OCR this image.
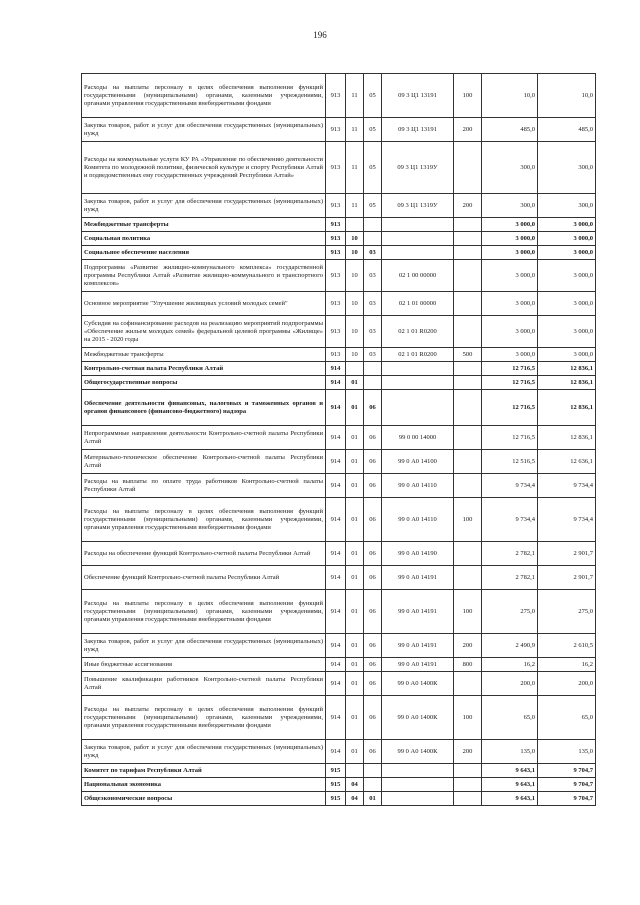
196
Расходы на выплаты персоналу в целях обеспечения выполнения функций государственными (муниципальными) органами, казенными учреждениями, органами управления государственными внебюджетными фондами	913	11	05	09 3 Ц1 13191	100	10,0	10,0
Закупка товаров, работ и услуг для обеспечения государственных (муниципальных) нужд	913	11	05	09 3 Ц1 13191	200	485,0	485,0
Расходы на коммунальные услуги КУ РА «Управление по обеспечению деятельности Комитета по молодежной политике, физической культуре и спорту Республики Алтай и подведомственных ему государственных учреждений Республики Алтай»	913	11	05	09 3 Ц1 1319У		300,0	300,0
Закупка товаров, работ и услуг для обеспечения государственных (муниципальных) нужд	913	11	05	09 3 Ц1 1319У	200	300,0	300,0
Межбюджетные трансферты	913					3 000,0	3 000,0
Социальная политика	913	10				3 000,0	3 000,0
Социальное обеспечение населения	913	10	03			3 000,0	3 000,0
Подпрограмма «Развитие жилищно-коммунального комплекса» государственной программы Республики Алтай «Развитие жилищно-коммунального и транспортного комплексов»	913	10	03	02 1 00 00000		3 000,0	3 000,0
Основное мероприятие "Улучшение жилищных условий молодых семей"	913	10	03	02 1 01 00000		3 000,0	3 000,0
Субсидия на софинансирование расходов на реализацию мероприятий подпрограммы «Обеспечение жильем молодых семей» федеральной целевой программы «Жилище» на 2015 - 2020 годы	913	10	03	02 1 01 R0200		3 000,0	3 000,0
Межбюджетные трансферты	913	10	03	02 1 01 R0200	500	3 000,0	3 000,0
Контрольно-счетная палата Республики Алтай	914					12 716,5	12 836,1
Общегосударственные вопросы	914	01				12 716,5	12 836,1
Обеспечение деятельности финансовых, налоговых и таможенных органов и органов финансового (финансово-бюджетного) надзора	914	01	06			12 716,5	12 836,1
Непрограммные направления деятельности Контрольно-счетной палаты Республики Алтай	914	01	06	99 0 00 14000		12 716,5	12 836,1
Материально-техническое обеспечение Контрольно-счетной палаты Республики Алтай	914	01	06	99 0 А0 14100		12 516,5	12 636,1
Расходы на выплаты по оплате труда работников Контрольно-счетной палаты Республики Алтай	914	01	06	99 0 А0 14110		9 734,4	9 734,4
Расходы на выплаты персоналу в целях обеспечения выполнения функций государственными (муниципальными) органами, казенными учреждениями, органами управления государственными внебюджетными фондами	914	01	06	99 0 А0 14110	100	9 734,4	9 734,4
Расходы на обеспечение функций Контрольно-счетной палаты Республики Алтай	914	01	06	99 0 А0 14190		2 782,1	2 901,7
Обеспечение функций Контрольно-счетной палаты Республики Алтай	914	01	06	99 0 А0 14191		2 782,1	2 901,7
Расходы на выплаты персоналу в целях обеспечения выполнения функций государственными (муниципальными) органами, казенными учреждениями, органами управления государственными внебюджетными фондами	914	01	06	99 0 А0 14191	100	275,0	275,0
Закупка товаров, работ и услуг для обеспечения государственных (муниципальных) нужд	914	01	06	99 0 А0 14191	200	2 490,9	2 610,5
Иные бюджетные ассигнования	914	01	06	99 0 А0 14191	800	16,2	16,2
Повышение квалификации работников Контрольно-счетной палаты Республики Алтай	914	01	06	99 0 А0 1400К		200,0	200,0
Расходы на выплаты персоналу в целях обеспечения выполнения функций государственными (муниципальными) органами, казенными учреждениями, органами управления государственными внебюджетными фондами	914	01	06	99 0 А0 1400К	100	65,0	65,0
Закупка товаров, работ и услуг для обеспечения государственных (муниципальных) нужд	914	01	06	99 0 А0 1400К	200	135,0	135,0
Комитет по тарифам Республики Алтай	915					9 643,1	9 704,7
Национальная экономика	915	04				9 643,1	9 704,7
Общеэкономические вопросы	915	04	01			9 643,1	9 704,7
